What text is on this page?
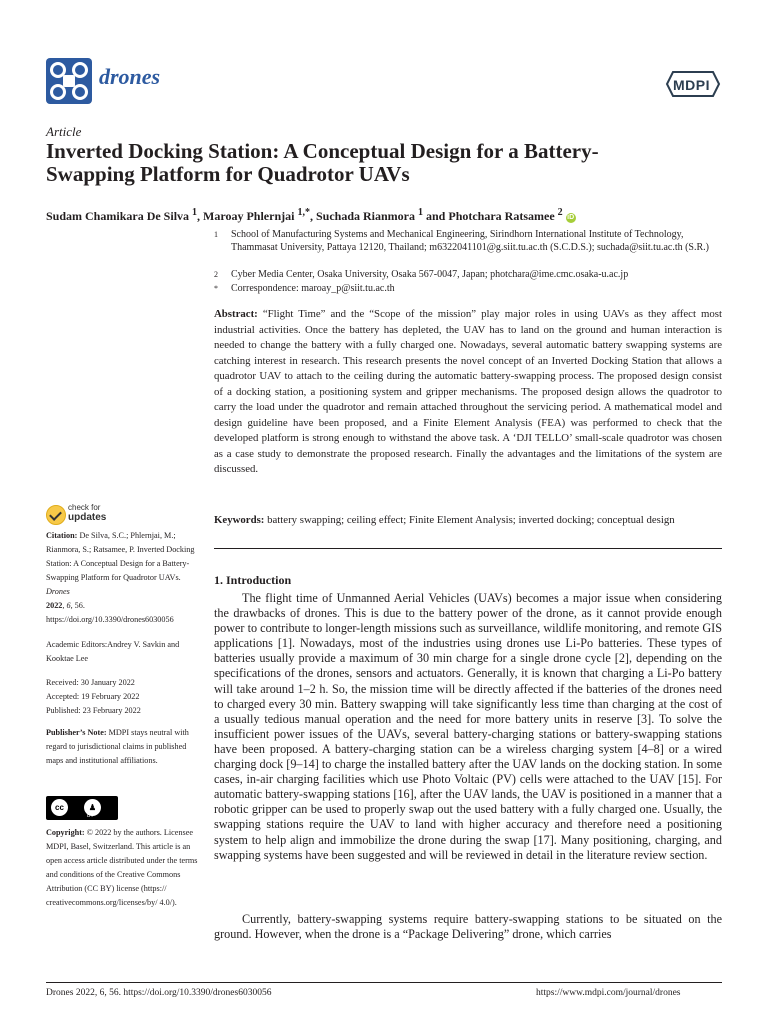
drones	MDPI
Article
Inverted Docking Station: A Conceptual Design for a Battery-Swapping Platform for Quadrotor UAVs
Sudam Chamikara De Silva $^1$, Maroay Phlernjai $^{1,*}$, Suchada Rianmora $^1$ and Photchara Ratsamee $^2$ iD
1 School of Manufacturing Systems and Mechanical Engineering, Sirindhorn International Institute of Technology, Thammasat University, Pattaya 12120, Thailand; m6322041101@g.siit.tu.ac.th (S.C.D.S.); suchada@siit.tu.ac.th (S.R.)
2 Cyber Media Center, Osaka University, Osaka 567-0047, Japan; photchara@ime.cmc.osaka-u.ac.jp
* Correspondence: maroay_p@siit.tu.ac.th
Abstract: “Flight Time” and the “Scope of the mission” play major roles in using UAVs as they affect most industrial activities. Once the battery has depleted, the UAV has to land on the ground and human interaction is needed to change the battery with a fully charged one. Nowadays, several automatic battery swapping systems are catching interest in research. This research presents the novel concept of an Inverted Docking Station that allows a quadrotor UAV to attach to the ceiling during the automatic battery-swapping process. The proposed design consist of a docking station, a positioning system and gripper mechanisms. The proposed design allows the quadrotor to carry the load under the quadrotor and remain attached throughout the servicing period. A mathematical model and design guideline have been proposed, and a Finite Element Analysis (FEA) was performed to check that the developed platform is strong enough to withstand the above task. A ‘DJI TELLO’ small-scale quadrotor was chosen as a case study to demonstrate the proposed research. Finally the advantages and the limitations of the system are discussed.
Keywords: battery swapping; ceiling effect; Finite Element Analysis; inverted docking; conceptual design
check for
updates
Citation: De Silva, S.C.; Phlernjai, M.; Rianmora, S.; Ratsamee, P. Inverted Docking Station: A Conceptual Design for a Battery-Swapping Platform for Quadrotor UAVs. Drones
2022, 6, 56. https://doi.org/10.3390/drones6030056
Academic Editors:Andrey V. Savkin and Kooktae Lee
Received: 30 January 2022
Accepted: 19 February 2022
Published: 23 February 2022
Publisher’s Note: MDPI stays neutral with regard to jurisdictional claims in published maps and institutional affiliations.
cc	♟
BY
Copyright: © 2022 by the authors. Licensee MDPI, Basel, Switzerland. This article is an open access article distributed under the terms and conditions of the Creative Commons Attribution (CC BY) license (https:// creativecommons.org/licenses/by/ 4.0/).
1. Introduction
The flight time of Unmanned Aerial Vehicles (UAVs) becomes a major issue when considering the drawbacks of drones. This is due to the battery power of the drone, as it cannot provide enough power to contribute to longer-length missions such as surveillance, wildlife monitoring, and remote GIS applications [1]. Nowadays, most of the industries using drones use Li-Po batteries. These types of batteries usually provide a maximum of 30 min charge for a single drone cycle [2], depending on the specifications of the drones, sensors and actuators. Generally, it is known that charging a Li-Po battery will take around 1–2 h. So, the mission time will be directly affected if the batteries of the drones need to charged every 30 min. Battery swapping will take significantly less time than charging at the cost of a usually tedious manual operation and the need for more battery units in reserve [3]. To solve the insufficient power issues of the UAVs, several battery-charging stations or battery-swapping stations have been proposed. A battery-charging station can be a wireless charging system [4–8] or a wired charging dock [9–14] to charge the installed battery after the UAV lands on the docking station. In some cases, in-air charging facilities which use Photo Voltaic (PV) cells were attached to the UAV [15]. For automatic battery-swapping stations [16], after the UAV lands, the UAV is positioned in a manner that a robotic gripper can be used to properly swap out the used battery with a fully charged one. Usually, the swapping stations require the UAV to land with higher accuracy and therefore need a positioning system to help align and immobilize the drone during the swap [17]. Many positioning, charging, and swapping systems have been suggested and will be reviewed in detail in the literature review section.
Currently, battery-swapping systems require battery-swapping stations to be situated on the ground. However, when the drone is a “Package Delivering” drone, which carries
Drones 2022, 6, 56. https://doi.org/10.3390/drones6030056	https://www.mdpi.com/journal/drones
